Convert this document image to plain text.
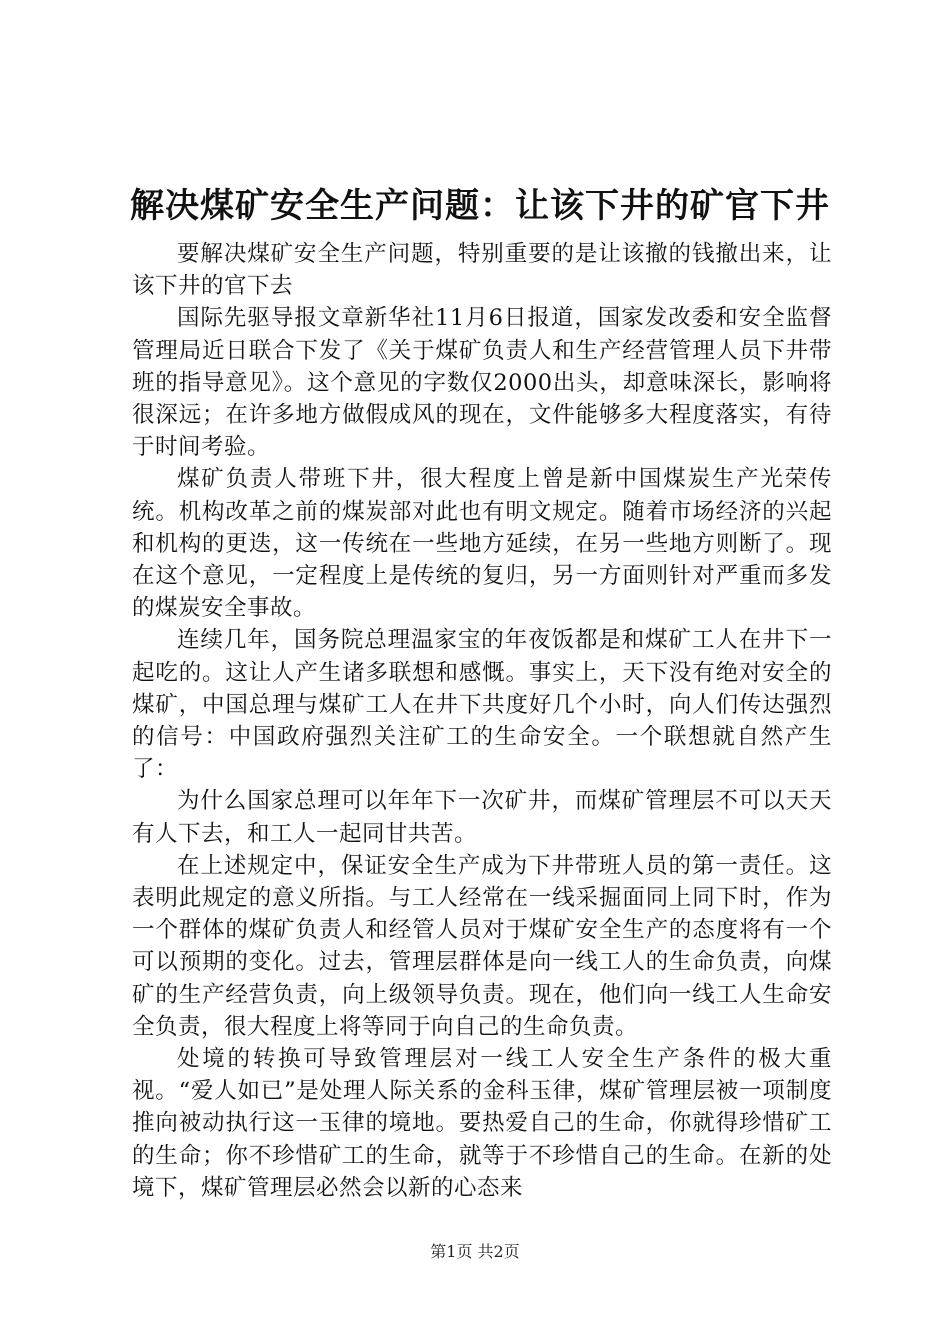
解决煤矿安全生产问题：让该下井的矿官下井

要解决煤矿安全生产问题，特别重要的是让该撤的钱撤出来，让该下井的官下去

国际先驱导报文章新华社11月6日报道，国家发改委和安全监督管理局近日联合下发了《关于煤矿负责人和生产经营管理人员下井带班的指导意见》。这个意见的字数仅2000出头，却意味深长，影响将很深远；在许多地方做假成风的现在，文件能够多大程度落实，有待于时间考验。

煤矿负责人带班下井，很大程度上曾是新中国煤炭生产光荣传统。机构改革之前的煤炭部对此也有明文规定。随着市场经济的兴起和机构的更迭，这一传统在一些地方延续，在另一些地方则断了。现在这个意见，一定程度上是传统的复归，另一方面则针对严重而多发的煤炭安全事故。

连续几年，国务院总理温家宝的年夜饭都是和煤矿工人在井下一起吃的。这让人产生诸多联想和感慨。事实上，天下没有绝对安全的煤矿，中国总理与煤矿工人在井下共度好几个小时，向人们传达强烈的信号：中国政府强烈关注矿工的生命安全。一个联想就自然产生了：

为什么国家总理可以年年下一次矿井，而煤矿管理层不可以天天有人下去，和工人一起同甘共苦。

在上述规定中，保证安全生产成为下井带班人员的第一责任。这表明此规定的意义所指。与工人经常在一线采掘面同上同下时，作为一个群体的煤矿负责人和经管人员对于煤矿安全生产的态度将有一个可以预期的变化。过去，管理层群体是向一线工人的生命负责，向煤矿的生产经营负责，向上级领导负责。现在，他们向一线工人生命安全负责，很大程度上将等同于向自己的生命负责。

处境的转换可导致管理层对一线工人安全生产条件的极大重视。“爱人如已”是处理人际关系的金科玉律，煤矿管理层被一项制度推向被动执行这一玉律的境地。要热爱自己的生命，你就得珍惜矿工的生命；你不珍惜矿工的生命，就等于不珍惜自己的生命。在新的处境下，煤矿管理层必然会以新的心态来

第1页 共2页
